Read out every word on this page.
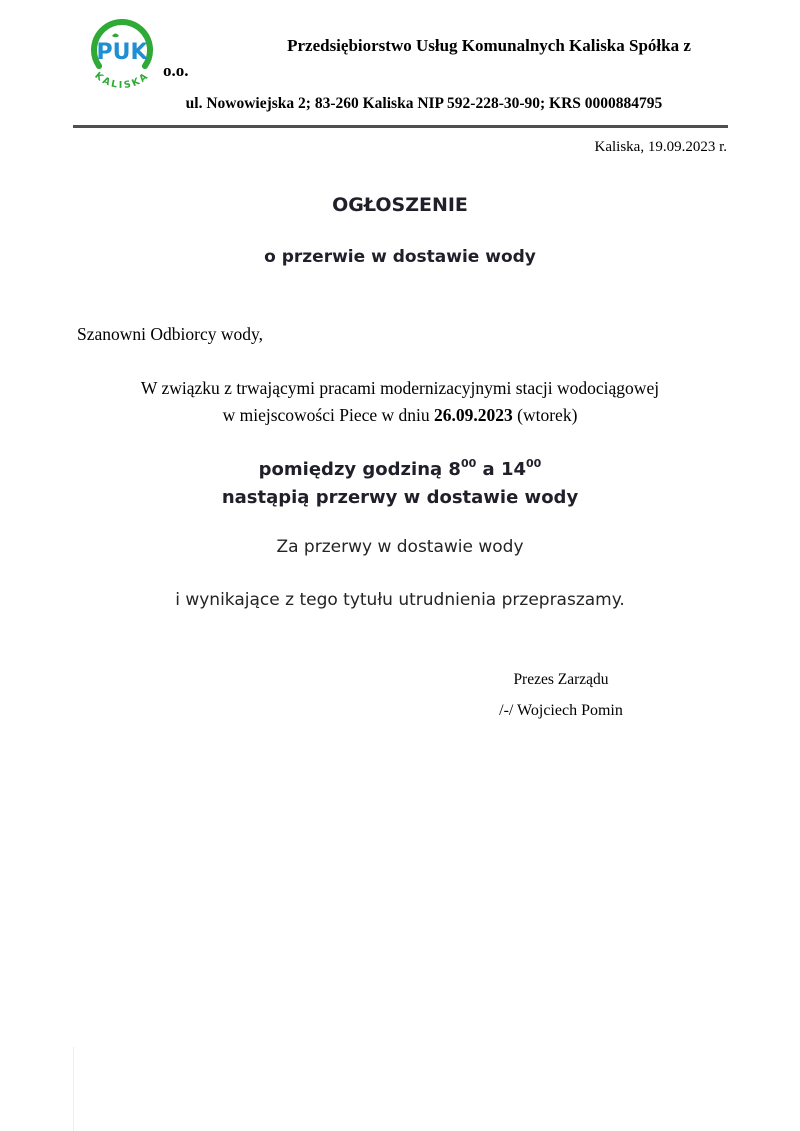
PUK
KALISKA
Przedsiębiorstwo Usług Komunalnych Kaliska Spółka z
o.o.
ul. Nowowiejska 2; 83-260 Kaliska NIP 592-228-30-90; KRS 0000884795
Kaliska, 19.09.2023 r.
OGŁOSZENIE
o przerwie w dostawie wody
Szanowni Odbiorcy wody,
W związku z trwającymi pracami modernizacyjnymi stacji wodociągowej
w miejscowości Piece w dniu 26.09.2023 (wtorek)
pomiędzy godziną $8^{00}$ a $14^{00}$
nastąpią przerwy w dostawie wody
Za przerwy w dostawie wody
i wynikające z tego tytułu utrudnienia przepraszamy.

Prezes Zarządu

/-/ Wojciech Pomin
